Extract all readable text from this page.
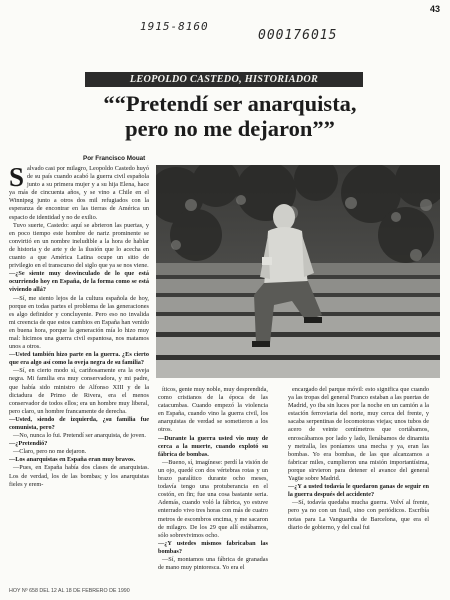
43
1915-8160
000176015
LEOPOLDO CASTEDO, HISTORIADOR
““Pretendí ser anarquista,
pero no me dejaron””
Por Francisco Mouat
S alvado casi por milagro, Leopoldo Castedo huyó de su país cuando acabó la guerra civil española junto a su primera mujer y a su hija Elena, hace ya más de cincuenta años, y se vino a Chile en el Winnipeg junto a otros dos mil refugiados con la esperanza de encontrar en las tierras de América un espacio de identidad y no de exilio.

Tuvo suerte, Castedo: aquí se abrieron las puertas, y en poco tiempo este hombre de nariz prominente se convirtió en un nombre ineludible a la hora de hablar de historia y de arte y de la ilusión que lo acecha en cuanto a que América Latina ocupe un sitio de privilegio en el transcurso del siglo que ya se nos viene.

—¿Se siente muy desvinculado de lo que está ocurriendo hoy en España, de la forma como se está viviendo allá?

—Sí, me siento lejos de la cultura española de hoy, porque en todas partes el problema de las generaciones es algo definidor y concluyente. Pero eso no invalida mi creencia de que estos cambios en España han venido en buena hora, porque la generación mía lo hizo muy mal: hicimos una guerra civil espantosa, nos matamos unos a otros.

—Usted también hizo parte en la guerra. ¿Es cierto que era algo así como la oveja negra de su familia?

—Sí, en cierto modo sí, cariñosamente era la oveja negra. Mi familia era muy conservadora, y mi padre, que había sido ministro de Alfonso XIII y de la dictadura de Primo de Rivera, era el menos conservador de todos ellos; era un hombre muy liberal, pero claro, un hombre francamente de derecha.

—Usted, siendo de izquierda, ¿su familia fue comunista, pero?

—No, nunca lo fui. Pretendí ser anarquista, de joven.

—¿Pretendió?

—Claro, pero no me dejaron.

—Los anarquistas en España eran muy bravos.

—Pues, en España había dos clases de anarquistas. Los de verdad, los de las bombas; y los anarquistas fieles y erem-

íticos, gente muy noble, muy desprendida, como cristianos de la época de las catacumbas. Cuando empezó la violencia en España, cuando vino la guerra civil, los anarquistas de verdad se sometieron a los otros.

—Durante la guerra usted vio muy de cerca a la muerte, cuando explotó su fábrica de bombas.

—Bueno, sí, imagínese: perdí la visión de un ojo, quedé con dos vértebras rotas y un brazo paralítico durante ocho meses, todavía tengo una protuberancia en el costón, en fin; fue una cosa bastante seria. Además, cuando voló la fábrica, yo estuve enterrado vivo tres horas con más de cuatro metros de escombros encima, y me sacaron de milagro. De los 29 que allí estábamos, sólo sobrevivimos ocho.

—¿Y ustedes mismos fabricaban las bombas?

—Sí, montamos una fábrica de granadas de mano muy pintoresca. Yo era el

encargado del parque móvil: esto significa que cuando ya las tropas del general Franco estaban a las puertas de Madrid, yo iba sin luces por la noche en un camión a la estación ferroviaria del norte, muy cerca del frente, y sacaba serpentinas de locomotoras viejas; unos tubos de acero de veinte centímetros que cortábamos, enroscábamos por lado y lado, llenábamos de dinamita y metralla, les poníamos una mecha y ya, eran las bombas. Yo era bombas, de las que alcanzamos a fabricar miles, cumplieron una misión importantísima, porque sirvieron para detener el avance del general Yagüe sobre Madrid.

—¿Y a usted todavía le quedaron ganas de seguir en la guerra después del accidente?

—Sí, todavía quedaba mucha guerra. Volví al frente, pero ya no con un fusil, sino con periódicos. Escribía notas para La Vanguardia de Barcelona, que era el diario de gobierno, y del cual fui

HOY Nº 658 DEL 12 AL 18 DE FEBRERO DE 1990
